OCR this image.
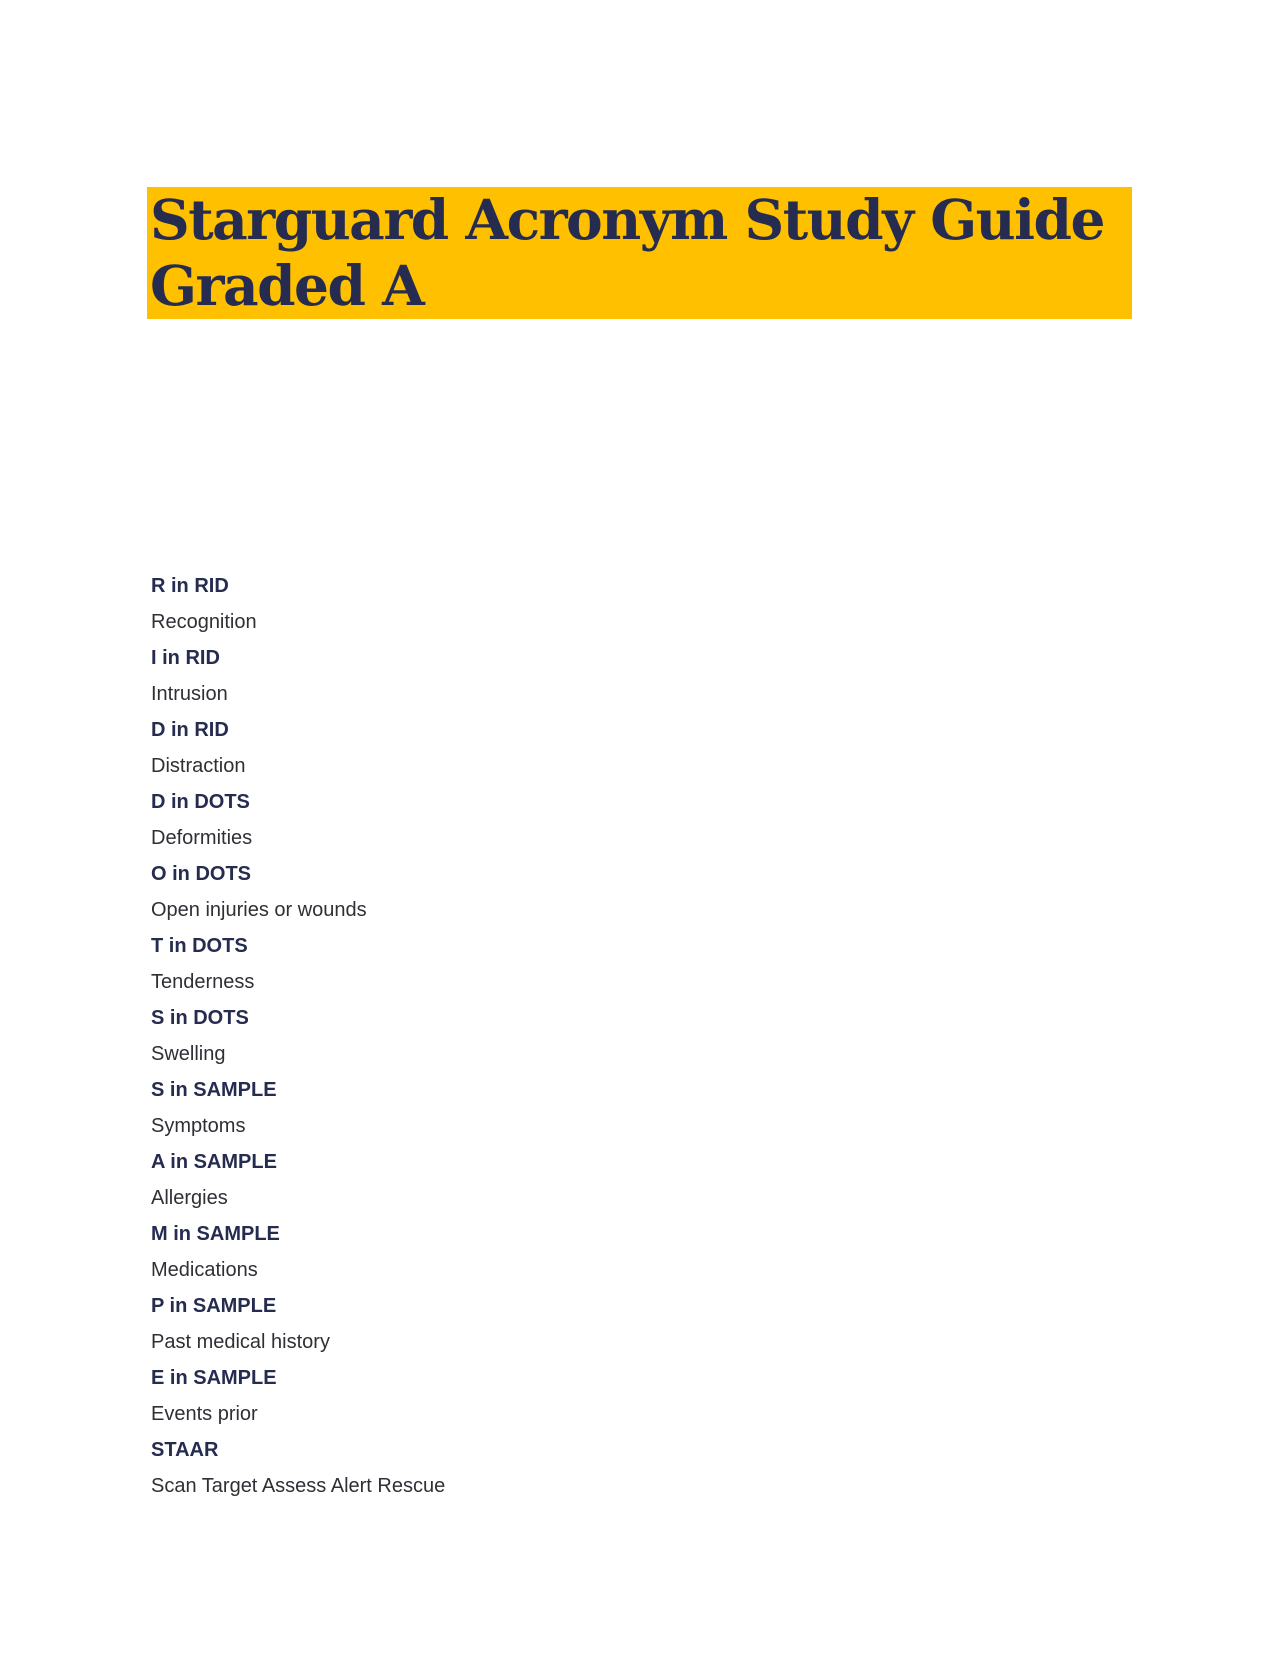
Starguard Acronym Study Guide
Graded A
R in RID
Recognition
I in RID
Intrusion
D in RID
Distraction
D in DOTS
Deformities
O in DOTS
Open injuries or wounds
T in DOTS
Tenderness
S in DOTS
Swelling
S in SAMPLE
Symptoms
A in SAMPLE
Allergies
M in SAMPLE
Medications
P in SAMPLE
Past medical history
E in SAMPLE
Events prior
STAAR
Scan Target Assess Alert Rescue
